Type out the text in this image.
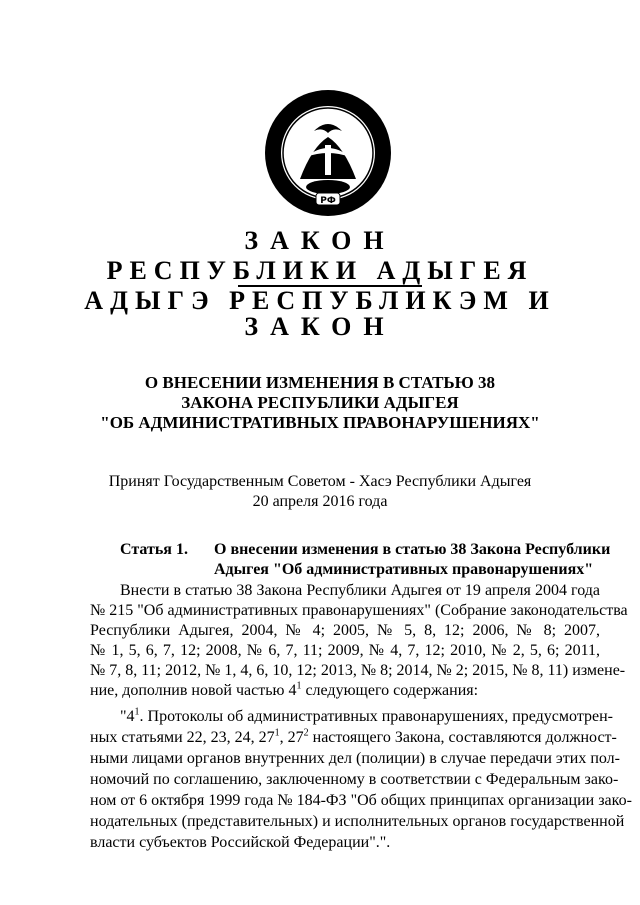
РФ
ЗАКОН
РЕСПУБЛИКИ АДЫГЕЯ
АДЫГЭ РЕСПУБЛИКЭМ И
ЗАКОН
О ВНЕСЕНИИ ИЗМЕНЕНИЯ В СТАТЬЮ 38
ЗАКОНА РЕСПУБЛИКИ АДЫГЕЯ
"ОБ АДМИНИСТРАТИВНЫХ ПРАВОНАРУШЕНИЯХ"
Принят Государственным Советом - Хасэ Республики Адыгея
20 апреля 2016 года
Статья 1.	О внесении изменения в статью 38 Закона Республики
Адыгея "Об административных правонарушениях"
Внести в статью 38 Закона Республики Адыгея от 19 апреля 2004 года
№ 215 "Об административных правонарушениях" (Собрание законодательства
Республики Адыгея, 2004, № 4; 2005, № 5, 8, 12; 2006, № 8; 2007,
№ 1, 5, 6, 7, 12; 2008, № 6, 7, 11; 2009, № 4, 7, 12; 2010, № 2, 5, 6; 2011,
№ 7, 8, 11; 2012, № 1, 4, 6, 10, 12; 2013, № 8; 2014, № 2; 2015, № 8, 11) измене-
ние, дополнив новой частью $4^1$ следующего содержания:
"$4^1$. Протоколы об административных правонарушениях, предусмотрен-
ных статьями 22, 23, 24, $27^1$, $27^2$ настоящего Закона, составляются должност-
ными лицами органов внутренних дел (полиции) в случае передачи этих пол-
номочий по соглашению, заключенному в соответствии с Федеральным зако-
ном от 6 октября 1999 года № 184-ФЗ "Об общих принципах организации зако-
нодательных (представительных) и исполнительных органов государственной
власти субъектов Российской Федерации".".
